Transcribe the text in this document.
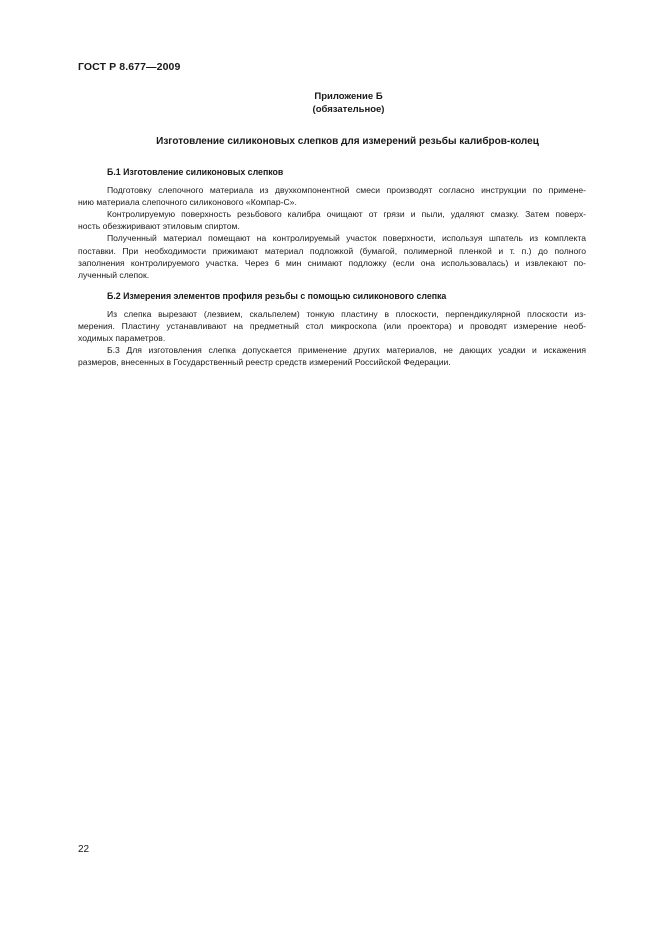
ГОСТ Р 8.677—2009
Приложение Б
(обязательное)
Изготовление силиконовых слепков для измерений резьбы калибров-колец

Б.1 Изготовление силиконовых слепков

Подготовку слепочного материала из двухкомпонентной смеси производят согласно инструкции по примене-
нию материала слепочного силиконового «Компар-С».
Контролируемую поверхность резьбового калибра очищают от грязи и пыли, удаляют смазку. Затем поверх-
ность обезжиривают этиловым спиртом.
Полученный материал помещают на контролируемый участок поверхности, используя шпатель из комплекта
поставки. При необходимости прижимают материал подложкой (бумагой, полимерной пленкой и т. п.) до полного
заполнения контролируемого участка. Через 6 мин снимают подложку (если она использовалась) и извлекают по-
лученный слепок.

Б.2 Измерения элементов профиля резьбы с помощью силиконового слепка

Из слепка вырезают (лезвием, скальпелем) тонкую пластину в плоскости, перпендикулярной плоскости из-
мерения. Пластину устанавливают на предметный стол микроскопа (или проектора) и проводят измерение необ-
ходимых параметров.
Б.3 Для изготовления слепка допускается применение других материалов, не дающих усадки и искажения
размеров, внесенных в Государственный реестр средств измерений Российской Федерации.
22
